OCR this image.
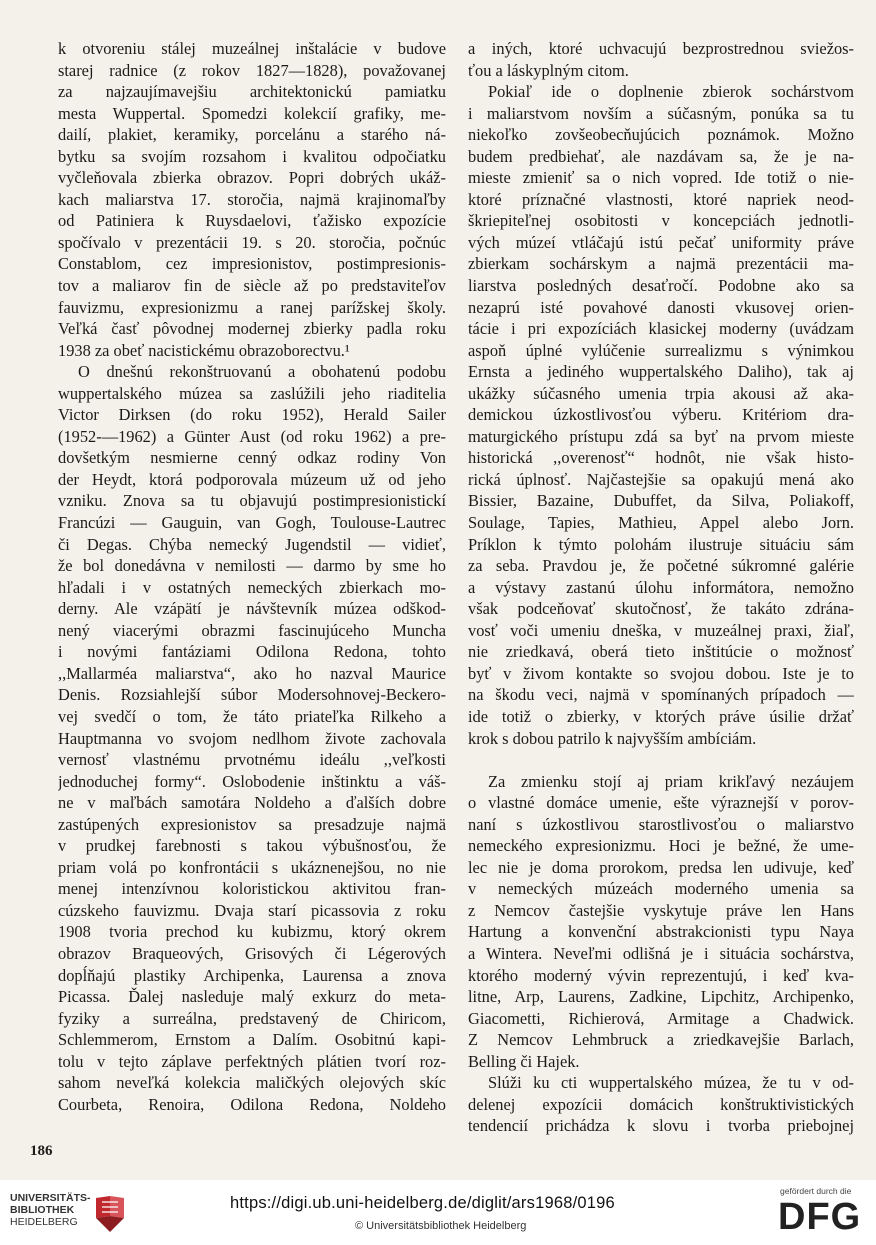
k otvoreniu stálej muzeálnej inštalácie v budove
starej radnice (z rokov 1827—1828), považovanej
za najzaujímavejšiu architektonickú pamiatku
mesta Wuppertal. Spomedzi kolekcií grafiky, me-
dailí, plakiet, keramiky, porcelánu a starého ná-
bytku sa svojím rozsahom i kvalitou odpočiatku
vyčleňovala zbierka obrazov. Popri dobrých ukáž-
kach maliarstva 17. storočia, najmä krajinomaľby
od Patiniera k Ruysdaelovi, ťažisko expozície
spočívalo v prezentácii 19. s 20. storočia, počnúc
Constablom, cez impresionistov, postimpresionis-
tov a maliarov fin de siècle až po predstaviteľov
fauvizmu, expresionizmu a ranej parížskej školy.
Veľká časť pôvodnej modernej zbierky padla roku
1938 za obeť nacistickému obrazoborectvu.¹
O dnešnú rekonštruovanú a obohatenú podobu
wuppertalského múzea sa zaslúžili jeho riaditelia
Victor Dirksen (do roku 1952), Herald Sailer
(1952-—1962) a Günter Aust (od roku 1962) a pre-
dovšetkým nesmierne cenný odkaz rodiny Von
der Heydt, ktorá podporovala múzeum už od jeho
vzniku. Znova sa tu objavujú postimpresionistickí
Francúzi — Gauguin, van Gogh, Toulouse-Lautrec
či Degas. Chýba nemecký Jugendstil — vidieť,
že bol donedávna v nemilosti — darmo by sme ho
hľadali i v ostatných nemeckých zbierkach mo-
derny. Ale vzápätí je návštevník múzea odškod-
nený viacerými obrazmi fascinujúceho Muncha
i novými fantáziami Odilona Redona, tohto
,,Mallarméa maliarstva“, ako ho nazval Maurice
Denis. Rozsiahlejší súbor Modersohnovej-Beckero-
vej svedčí o tom, že táto priateľka Rilkeho a
Hauptmanna vo svojom nedlhom živote zachovala
vernosť vlastnému prvotnému ideálu ,,veľkosti
jednoduchej formy“. Oslobodenie inštinktu a váš-
ne v maľbách samotára Noldeho a ďalších dobre
zastúpených expresionistov sa presadzuje najmä
v prudkej farebnosti s takou výbušnosťou, že
priam volá po konfrontácii s ukáznenejšou, no nie
menej intenzívnou koloristickou aktivitou fran-
cúzskeho fauvizmu. Dvaja starí picassovia z roku
1908 tvoria prechod ku kubizmu, ktorý okrem
obrazov Braqueových, Grisových či Légerových
dopĺňajú plastiky Archipenka, Laurensa a znova
Picassa. Ďalej nasleduje malý exkurz do meta-
fyziky a surreálna, predstavený de Chiricom,
Schlemmerom, Ernstom a Dalím. Osobitnú kapi-
tolu v tejto záplave perfektných plátien tvorí roz-
sahom neveľká kolekcia maličkých olejových skíc
Courbeta, Renoira, Odilona Redona, Noldeho
a iných, ktoré uchvacujú bezprostrednou sviežos-
ťou a láskyplným citom.
Pokiaľ ide o doplnenie zbierok sochárstvom
i maliarstvom novším a súčasným, ponúka sa tu
niekoľko zovšeobecňujúcich poznámok. Možno
budem predbiehať, ale nazdávam sa, že je na-
mieste zmieniť sa o nich vopred. Ide totiž o nie-
ktoré príznačné vlastnosti, ktoré napriek neod-
škriepiteľnej osobitosti v koncepciách jednotli-
vých múzeí vtláčajú istú pečať uniformity práve
zbierkam sochárskym a najmä prezentácii ma-
liarstva posledných desaťročí. Podobne ako sa
nezaprú isté povahové danosti vkusovej orien-
tácie i pri expozíciách klasickej moderny (uvádzam
aspoň úplné vylúčenie surrealizmu s výnimkou
Ernsta a jediného wuppertalského Daliho), tak aj
ukážky súčasného umenia trpia akousi až aka-
demickou úzkostlivosťou výberu. Kritériom dra-
maturgického prístupu zdá sa byť na prvom mieste
historická ,,overenosť“ hodnôt, nie však histo-
rická úplnosť. Najčastejšie sa opakujú mená ako
Bissier, Bazaine, Dubuffet, da Silva, Poliakoff,
Soulage, Tapies, Mathieu, Appel alebo Jorn.
Príklon k týmto polohám ilustruje situáciu sám
za seba. Pravdou je, že početné súkromné galérie
a výstavy zastanú úlohu informátora, nemožno
však podceňovať skutočnosť, že takáto zdrána-
vosť voči umeniu dneška, v muzeálnej praxi, žiaľ,
nie zriedkavá, oberá tieto inštitúcie o možnosť
byť v živom kontakte so svojou dobou. Iste je to
na škodu veci, najmä v spomínaných prípadoch —
ide totiž o zbierky, v ktorých práve úsilie držať
krok s dobou patrilo k najvyšším ambíciám.
Za zmienku stojí aj priam krikľavý nezáujem
o vlastné domáce umenie, ešte výraznejší v porov-
naní s úzkostlivou starostlivosťou o maliarstvo
nemeckého expresionizmu. Hoci je bežné, že ume-
lec nie je doma prorokom, predsa len udivuje, keď
v nemeckých múzeách moderného umenia sa
z Nemcov častejšie vyskytuje práve len Hans
Hartung a konvenční abstrakcionisti typu Naya
a Wintera. Neveľmi odlišná je i situácia sochárstva,
ktorého moderný vývin reprezentujú, i keď kva-
litne, Arp, Laurens, Zadkine, Lipchitz, Archipenko,
Giacometti, Richierová, Armitage a Chadwick.
Z Nemcov Lehmbruck a zriedkavejšie Barlach,
Belling či Hajek.
Slúži ku cti wuppertalského múzea, že tu v od-
delenej expozícii domácich konštruktivistických
tendencií prichádza k slovu i tvorba priebojnej
186
UNIVERSITÄTS-
BIBLIOTHEK
HEIDELBERG
https://digi.ub.uni-heidelberg.de/diglit/ars1968/0196
© Universitätsbibliothek Heidelberg
gefördert durch die
DFG
